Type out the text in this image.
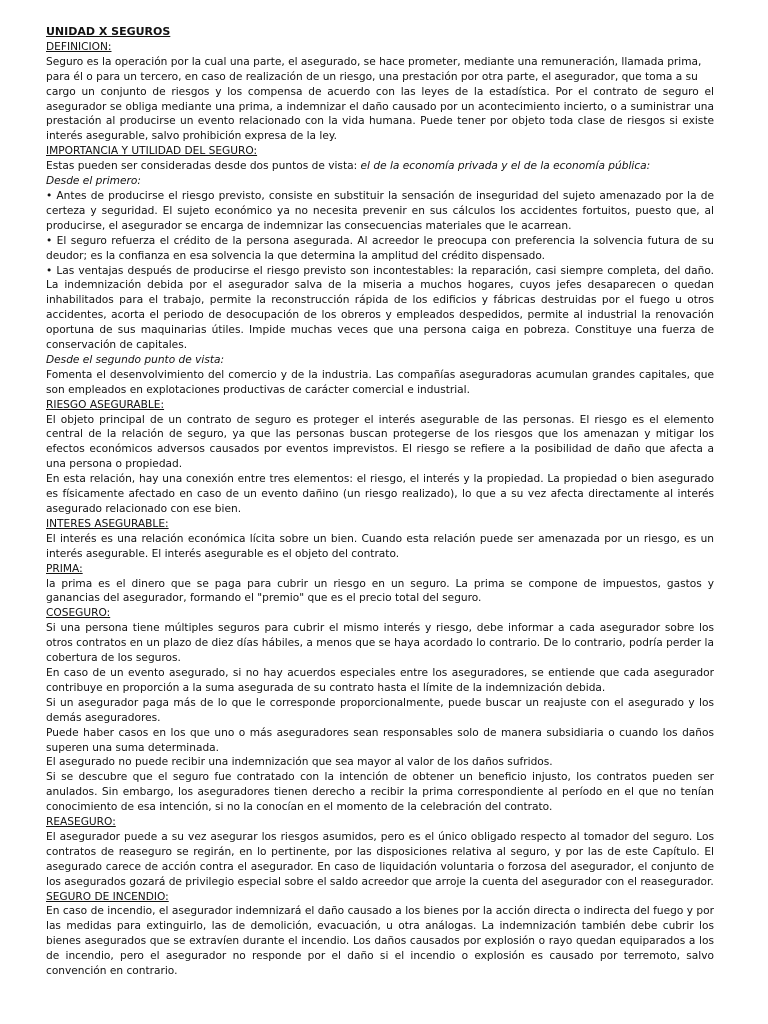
UNIDAD X SEGUROS
DEFINICION:

Seguro es la operación por la cual una parte, el asegurado, se hace prometer, mediante una remuneración, llamada prima, para él o para un tercero, en caso de realización de un riesgo, una prestación por otra parte, el asegurador, que toma a su

cargo un conjunto de riesgos y los compensa de acuerdo con las leyes de la estadística. Por el contrato de seguro el asegurador se obliga mediante una prima, a indemnizar el daño causado por un acontecimiento incierto, o a suministrar una prestación al producirse un evento relacionado con la vida humana. Puede tener por objeto toda clase de riesgos si existe interés asegurable, salvo prohibición expresa de la ley.

IMPORTANCIA Y UTILIDAD DEL SEGURO:

Estas pueden ser consideradas desde dos puntos de vista: el de la economía privada y el de la economía pública:

Desde el primero:

• Antes de producirse el riesgo previsto, consiste en substituir la sensación de inseguridad del sujeto amenazado por la de certeza y seguridad. El sujeto económico ya no necesita prevenir en sus cálculos los accidentes fortuitos, puesto que, al producirse, el asegurador se encarga de indemnizar las consecuencias materiales que le acarrean.

• El seguro refuerza el crédito de la persona asegurada. Al acreedor le preocupa con preferencia la solvencia futura de su deudor; es la confianza en esa solvencia la que determina la amplitud del crédito dispensado.

• Las ventajas después de producirse el riesgo previsto son incontestables: la reparación, casi siempre completa, del daño. La indemnización debida por el asegurador salva de la miseria a muchos hogares, cuyos jefes desaparecen o quedan inhabilitados para el trabajo, permite la reconstrucción rápida de los edificios y fábricas destruidas por el fuego u otros accidentes, acorta el periodo de desocupación de los obreros y empleados despedidos, permite al industrial la renovación oportuna de sus maquinarias útiles. Impide muchas veces que una persona caiga en pobreza. Constituye una fuerza de conservación de capitales.

Desde el segundo punto de vista:

Fomenta el desenvolvimiento del comercio y de la industria. Las compañías aseguradoras acumulan grandes capitales, que son empleados en explotaciones productivas de carácter comercial e industrial.

RIESGO ASEGURABLE:

El objeto principal de un contrato de seguro es proteger el interés asegurable de las personas. El riesgo es el elemento central de la relación de seguro, ya que las personas buscan protegerse de los riesgos que los amenazan y mitigar los efectos económicos adversos causados por eventos imprevistos. El riesgo se refiere a la posibilidad de daño que afecta a una persona o propiedad.

En esta relación, hay una conexión entre tres elementos: el riesgo, el interés y la propiedad. La propiedad o bien asegurado es físicamente afectado en caso de un evento dañino (un riesgo realizado), lo que a su vez afecta directamente al interés asegurado relacionado con ese bien.

INTERES ASEGURABLE:

El interés es una relación económica lícita sobre un bien. Cuando esta relación puede ser amenazada por un riesgo, es un interés asegurable. El interés asegurable es el objeto del contrato.

PRIMA:

la prima es el dinero que se paga para cubrir un riesgo en un seguro. La prima se compone de impuestos, gastos y ganancias del asegurador, formando el "premio" que es el precio total del seguro.

COSEGURO:

Si una persona tiene múltiples seguros para cubrir el mismo interés y riesgo, debe informar a cada asegurador sobre los otros contratos en un plazo de diez días hábiles, a menos que se haya acordado lo contrario. De lo contrario, podría perder la cobertura de los seguros.

En caso de un evento asegurado, si no hay acuerdos especiales entre los aseguradores, se entiende que cada asegurador contribuye en proporción a la suma asegurada de su contrato hasta el límite de la indemnización debida.

Si un asegurador paga más de lo que le corresponde proporcionalmente, puede buscar un reajuste con el asegurado y los demás aseguradores.

Puede haber casos en los que uno o más aseguradores sean responsables solo de manera subsidiaria o cuando los daños superen una suma determinada.

El asegurado no puede recibir una indemnización que sea mayor al valor de los daños sufridos.

Si se descubre que el seguro fue contratado con la intención de obtener un beneficio injusto, los contratos pueden ser anulados. Sin embargo, los aseguradores tienen derecho a recibir la prima correspondiente al período en el que no tenían conocimiento de esa intención, si no la conocían en el momento de la celebración del contrato.

REASEGURO:

El asegurador puede a su vez asegurar los riesgos asumidos, pero es el único obligado respecto al tomador del seguro. Los contratos de reaseguro se regirán, en lo pertinente, por las disposiciones relativa al seguro, y por las de este Capítulo. El asegurado carece de acción contra el asegurador. En caso de liquidación voluntaria o forzosa del asegurador, el conjunto de los asegurados gozará de privilegio especial sobre el saldo acreedor que arroje la cuenta del asegurador con el reasegurador.

SEGURO DE INCENDIO:

En caso de incendio, el asegurador indemnizará el daño causado a los bienes por la acción directa o indirecta del fuego y por las medidas para extinguirlo, las de demolición, evacuación, u otra análogas. La indemnización también debe cubrir los bienes asegurados que se extravíen durante el incendio. Los daños causados por explosión o rayo quedan equiparados a los de incendio, pero el asegurador no responde por el daño si el incendio o explosión es causado por terremoto, salvo convención en contrario.
